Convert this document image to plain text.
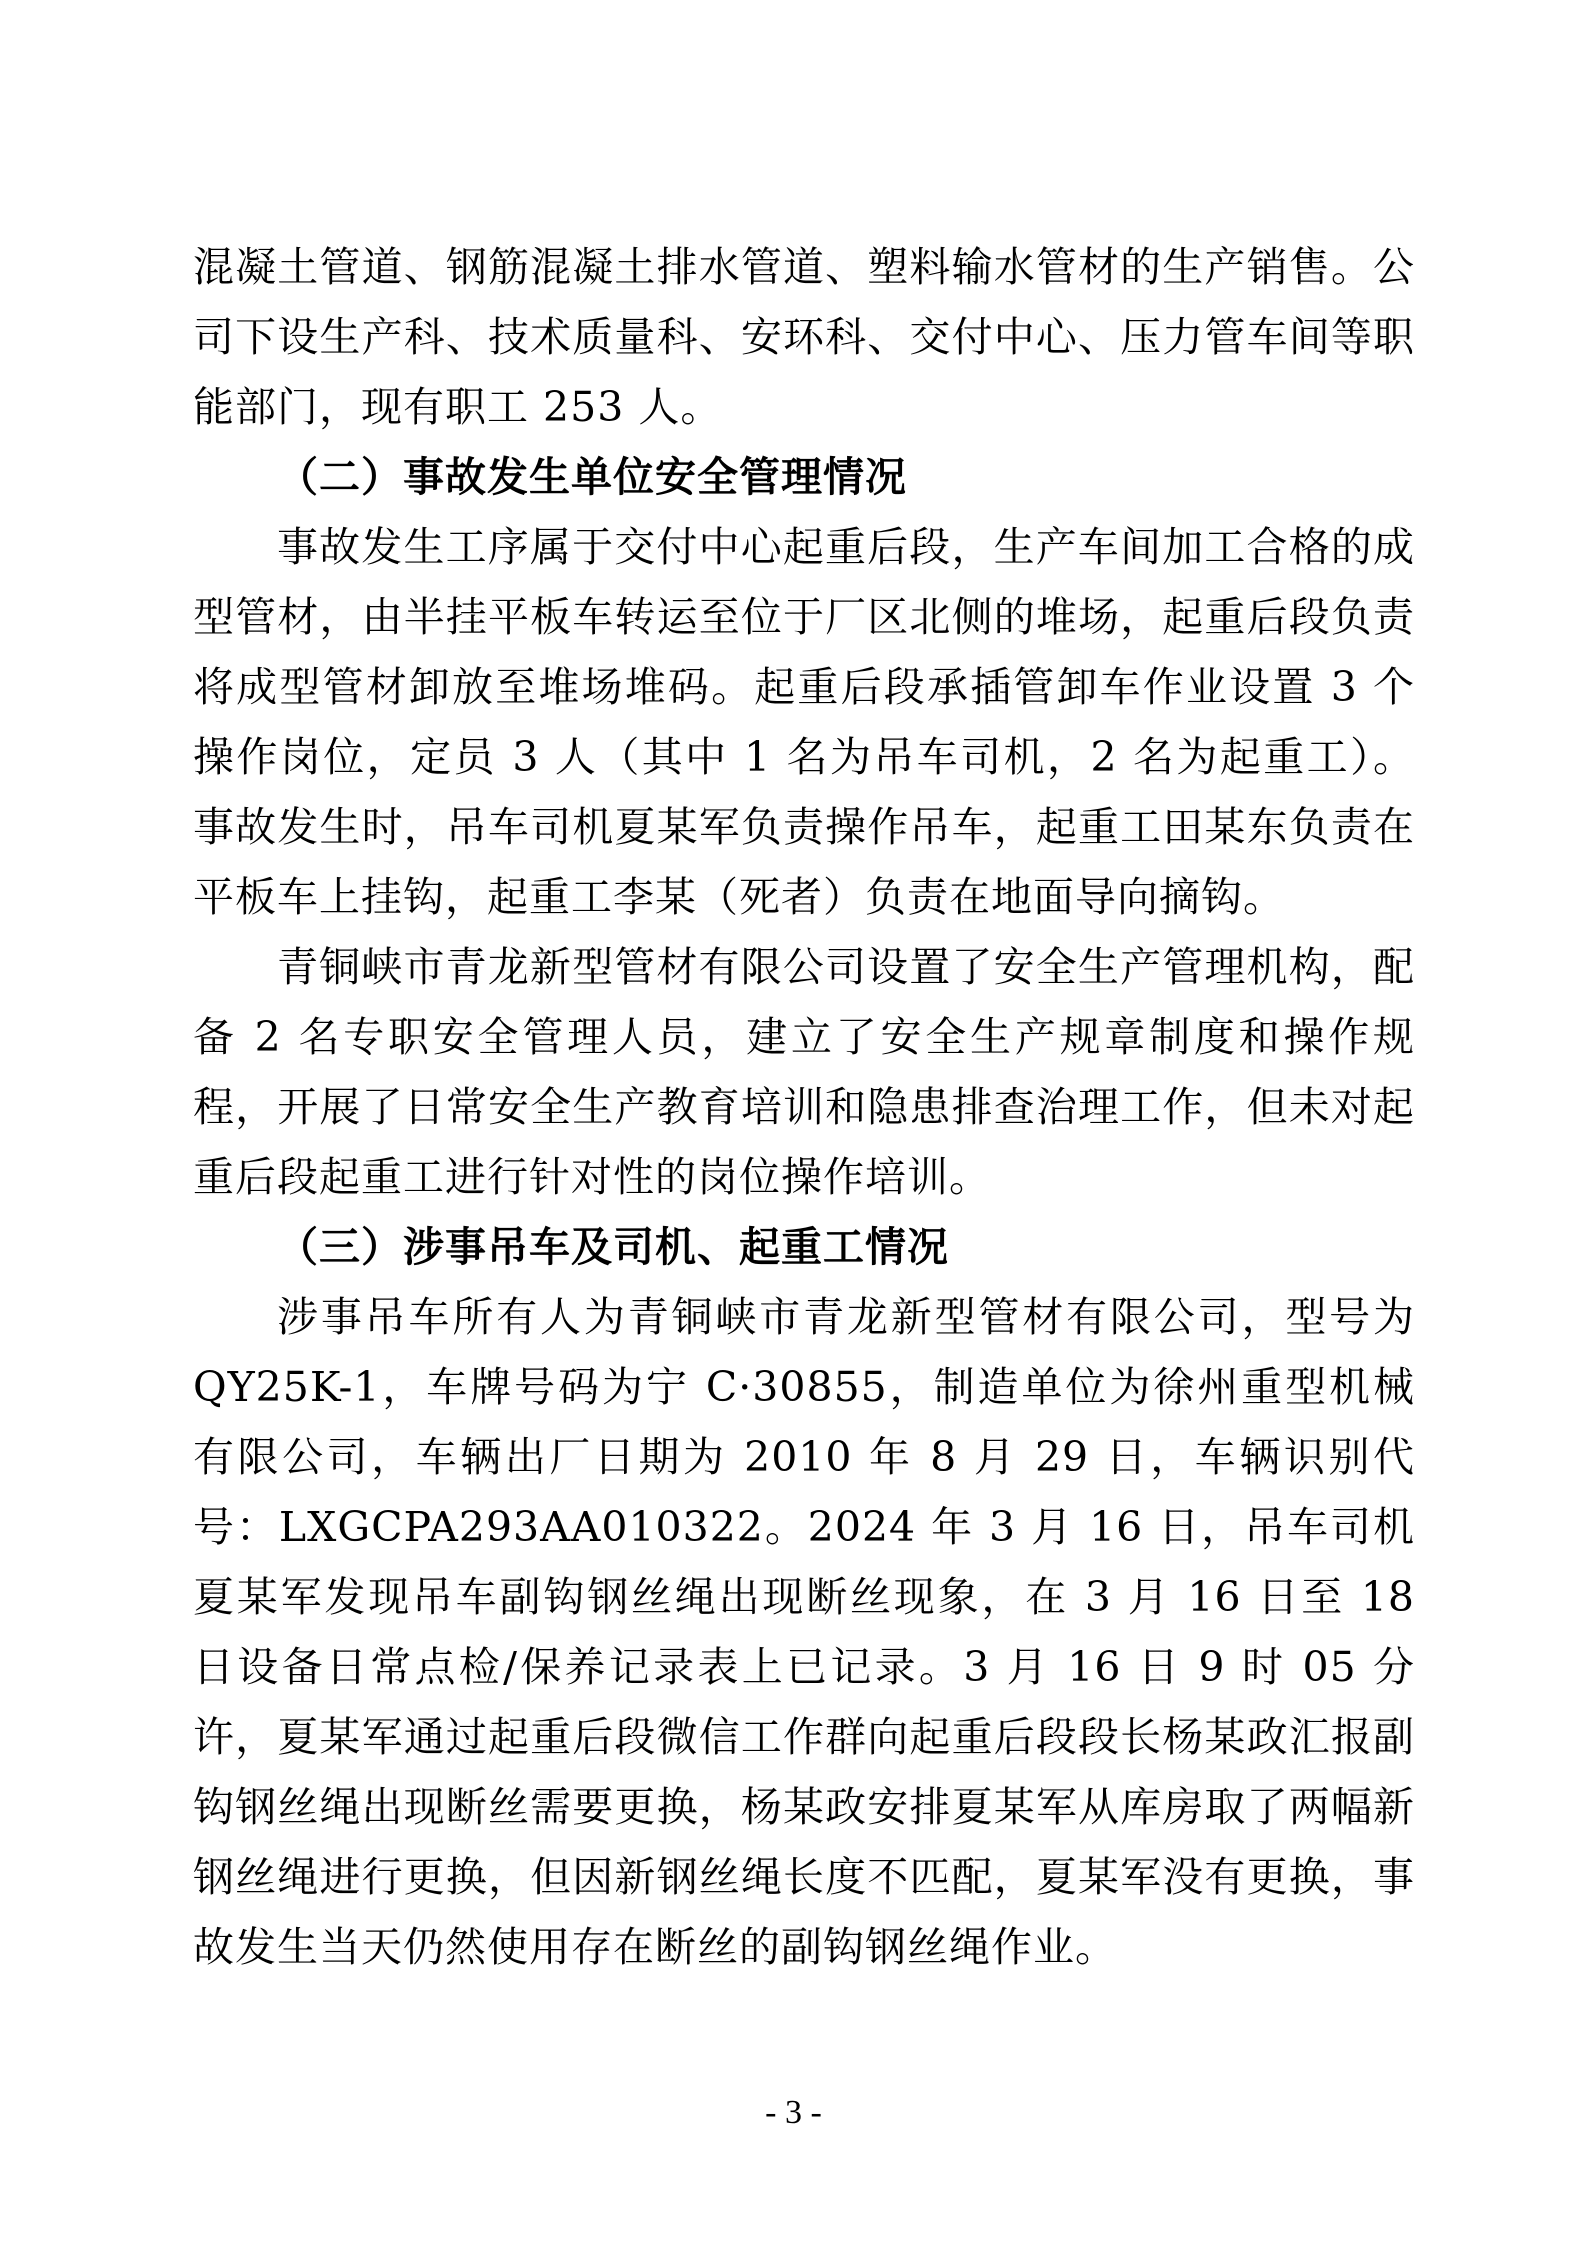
混凝土管道、钢筋混凝土排水管道、塑料输水管材的生产销售。公司下设生产科、技术质量科、安环科、交付中心、压力管车间等职能部门，现有职工 253 人。

（二）事故发生单位安全管理情况

事故发生工序属于交付中心起重后段，生产车间加工合格的成型管材，由半挂平板车转运至位于厂区北侧的堆场，起重后段负责将成型管材卸放至堆场堆码。起重后段承插管卸车作业设置 3 个操作岗位，定员 3 人（其中 1 名为吊车司机，2 名为起重工）。事故发生时，吊车司机夏某军负责操作吊车，起重工田某东负责在平板车上挂钩，起重工李某（死者）负责在地面导向摘钩。

青铜峡市青龙新型管材有限公司设置了安全生产管理机构，配备 2 名专职安全管理人员，建立了安全生产规章制度和操作规程，开展了日常安全生产教育培训和隐患排查治理工作，但未对起重后段起重工进行针对性的岗位操作培训。

（三）涉事吊车及司机、起重工情况

涉事吊车所有人为青铜峡市青龙新型管材有限公司，型号为 QY25K-1，车牌号码为宁 C·30855，制造单位为徐州重型机械有限公司，车辆出厂日期为 2010 年 8 月 29 日，车辆识别代号：LXGCPA293AA010322。2024 年 3 月 16 日，吊车司机夏某军发现吊车副钩钢丝绳出现断丝现象，在 3 月 16 日至 18 日设备日常点检/保养记录表上已记录。3 月 16 日 9 时 05 分许，夏某军通过起重后段微信工作群向起重后段段长杨某政汇报副钩钢丝绳出现断丝需要更换，杨某政安排夏某军从库房取了两幅新钢丝绳进行更换，但因新钢丝绳长度不匹配，夏某军没有更换，事故发生当天仍然使用存在断丝的副钩钢丝绳作业。

- 3 -
